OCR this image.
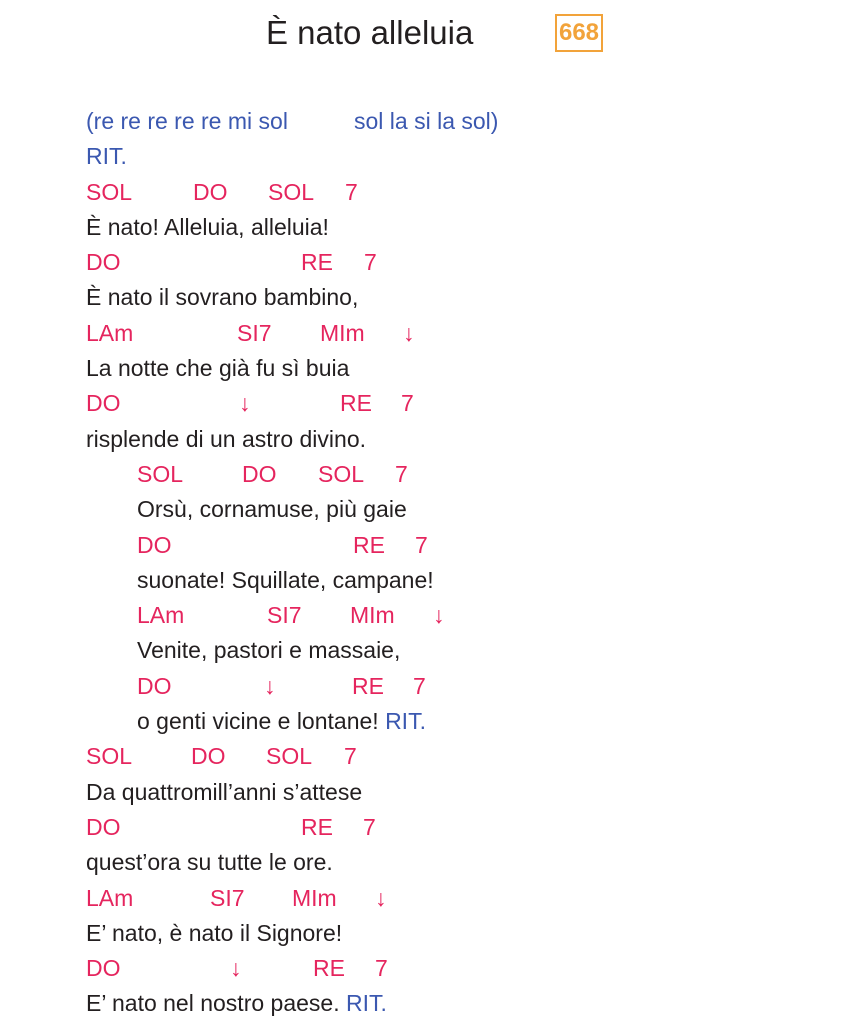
È nato alleluia	668
(re re re re re mi sol	sol la si la sol)
RIT.
SOL	DO SOL 7
È nato! Alleluia, alleluia!
DO	RE 7
È nato il sovrano bambino,
LAm	SI7 MIm ↓
La notte che già fu sì buia
DO	↓	RE 7
risplende di un astro divino.
SOL	DO SOL 7
Orsù, cornamuse, più gaie
DO	RE 7
suonate! Squillate, campane!
LAm	SI7 MIm ↓
Venite, pastori e massaie,
DO	↓	RE 7
o genti vicine e lontane! RIT.
SOL	DO SOL 7
Da quattromill’anni s’attese
DO	RE 7
quest’ora su tutte le ore.
LAm	SI7 MIm ↓
E’ nato, è nato il Signore!
DO	↓	RE 7
E’ nato nel nostro paese. RIT.
